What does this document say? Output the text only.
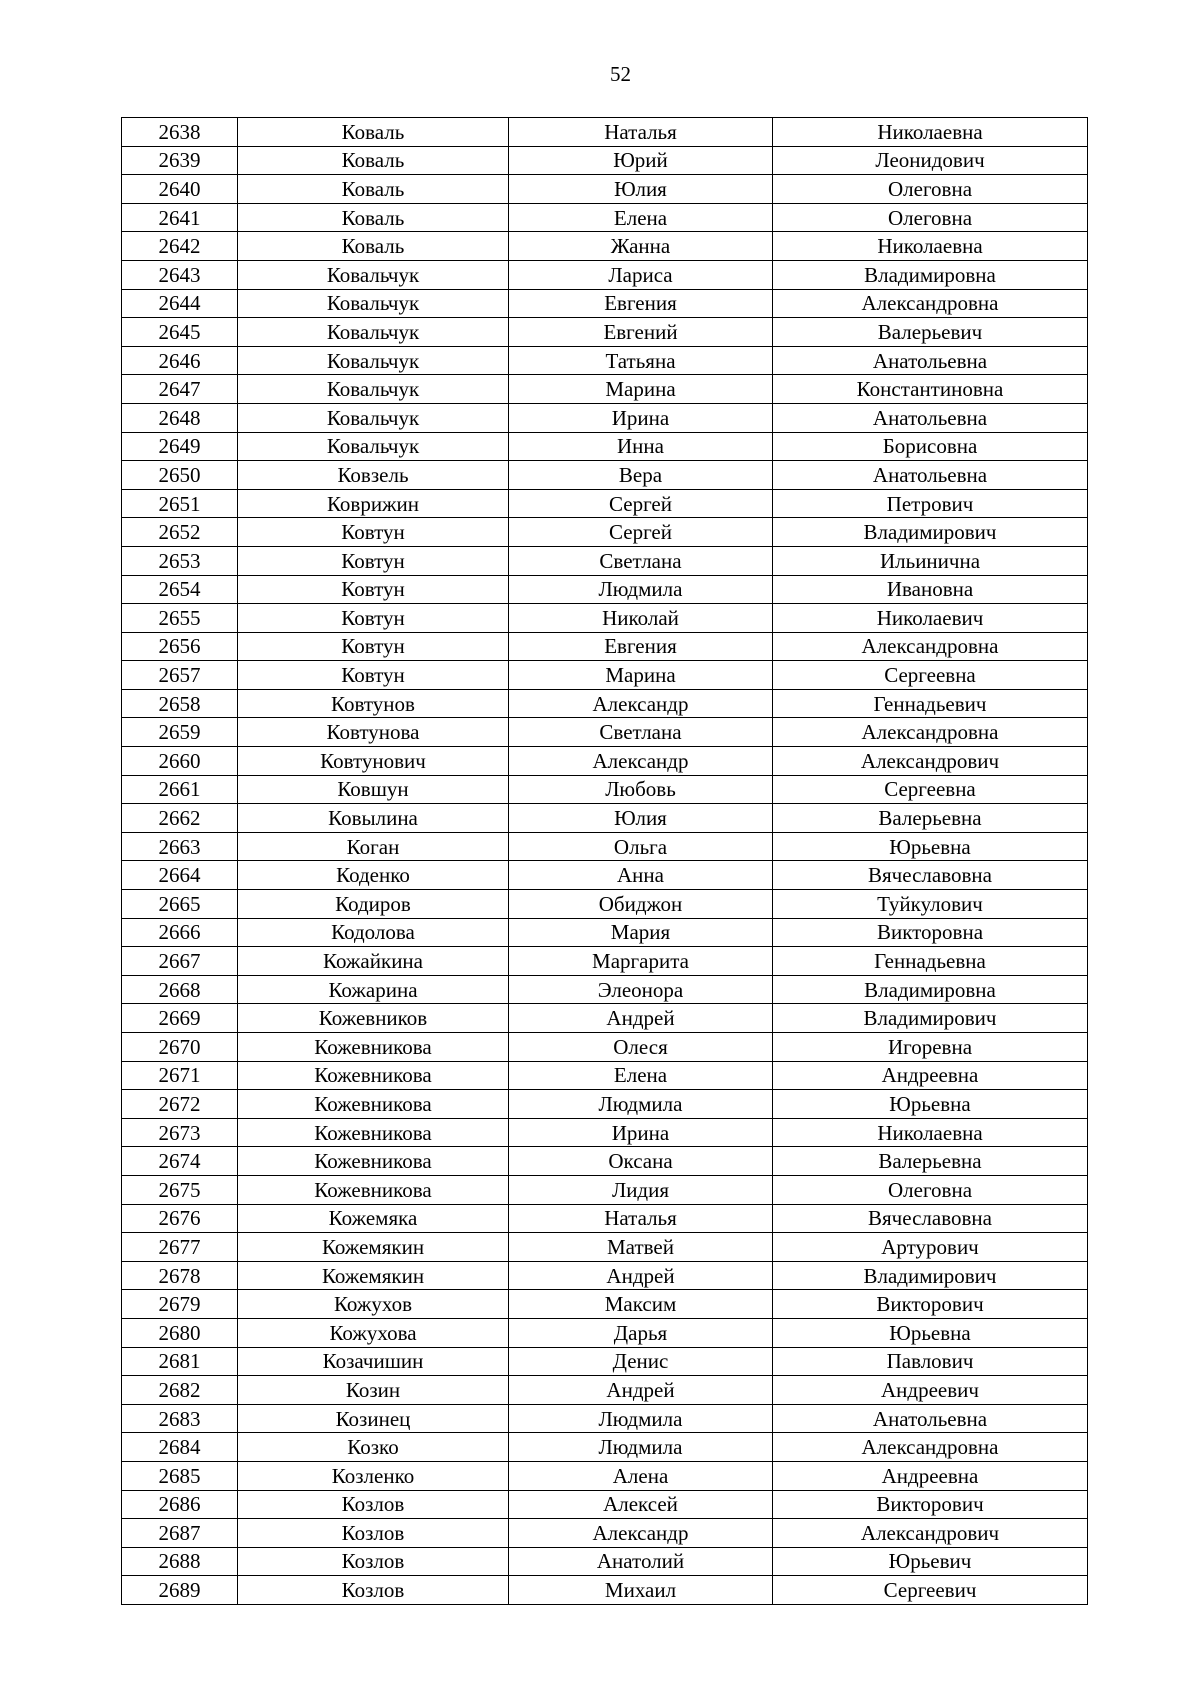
52
2638	Коваль	Наталья	Николаевна
2639	Коваль	Юрий	Леонидович
2640	Коваль	Юлия	Олеговна
2641	Коваль	Елена	Олеговна
2642	Коваль	Жанна	Николаевна
2643	Ковальчук	Лариса	Владимировна
2644	Ковальчук	Евгения	Александровна
2645	Ковальчук	Евгений	Валерьевич
2646	Ковальчук	Татьяна	Анатольевна
2647	Ковальчук	Марина	Константиновна
2648	Ковальчук	Ирина	Анатольевна
2649	Ковальчук	Инна	Борисовна
2650	Ковзель	Вера	Анатольевна
2651	Коврижин	Сергей	Петрович
2652	Ковтун	Сергей	Владимирович
2653	Ковтун	Светлана	Ильинична
2654	Ковтун	Людмила	Ивановна
2655	Ковтун	Николай	Николаевич
2656	Ковтун	Евгения	Александровна
2657	Ковтун	Марина	Сергеевна
2658	Ковтунов	Александр	Геннадьевич
2659	Ковтунова	Светлана	Александровна
2660	Ковтунович	Александр	Александрович
2661	Ковшун	Любовь	Сергеевна
2662	Ковылина	Юлия	Валерьевна
2663	Коган	Ольга	Юрьевна
2664	Коденко	Анна	Вячеславовна
2665	Кодиров	Обиджон	Туйкулович
2666	Кодолова	Мария	Викторовна
2667	Кожайкина	Маргарита	Геннадьевна
2668	Кожарина	Элеонора	Владимировна
2669	Кожевников	Андрей	Владимирович
2670	Кожевникова	Олеся	Игоревна
2671	Кожевникова	Елена	Андреевна
2672	Кожевникова	Людмила	Юрьевна
2673	Кожевникова	Ирина	Николаевна
2674	Кожевникова	Оксана	Валерьевна
2675	Кожевникова	Лидия	Олеговна
2676	Кожемяка	Наталья	Вячеславовна
2677	Кожемякин	Матвей	Артурович
2678	Кожемякин	Андрей	Владимирович
2679	Кожухов	Максим	Викторович
2680	Кожухова	Дарья	Юрьевна
2681	Козачишин	Денис	Павлович
2682	Козин	Андрей	Андреевич
2683	Козинец	Людмила	Анатольевна
2684	Козко	Людмила	Александровна
2685	Козленко	Алена	Андреевна
2686	Козлов	Алексей	Викторович
2687	Козлов	Александр	Александрович
2688	Козлов	Анатолий	Юрьевич
2689	Козлов	Михаил	Сергеевич
